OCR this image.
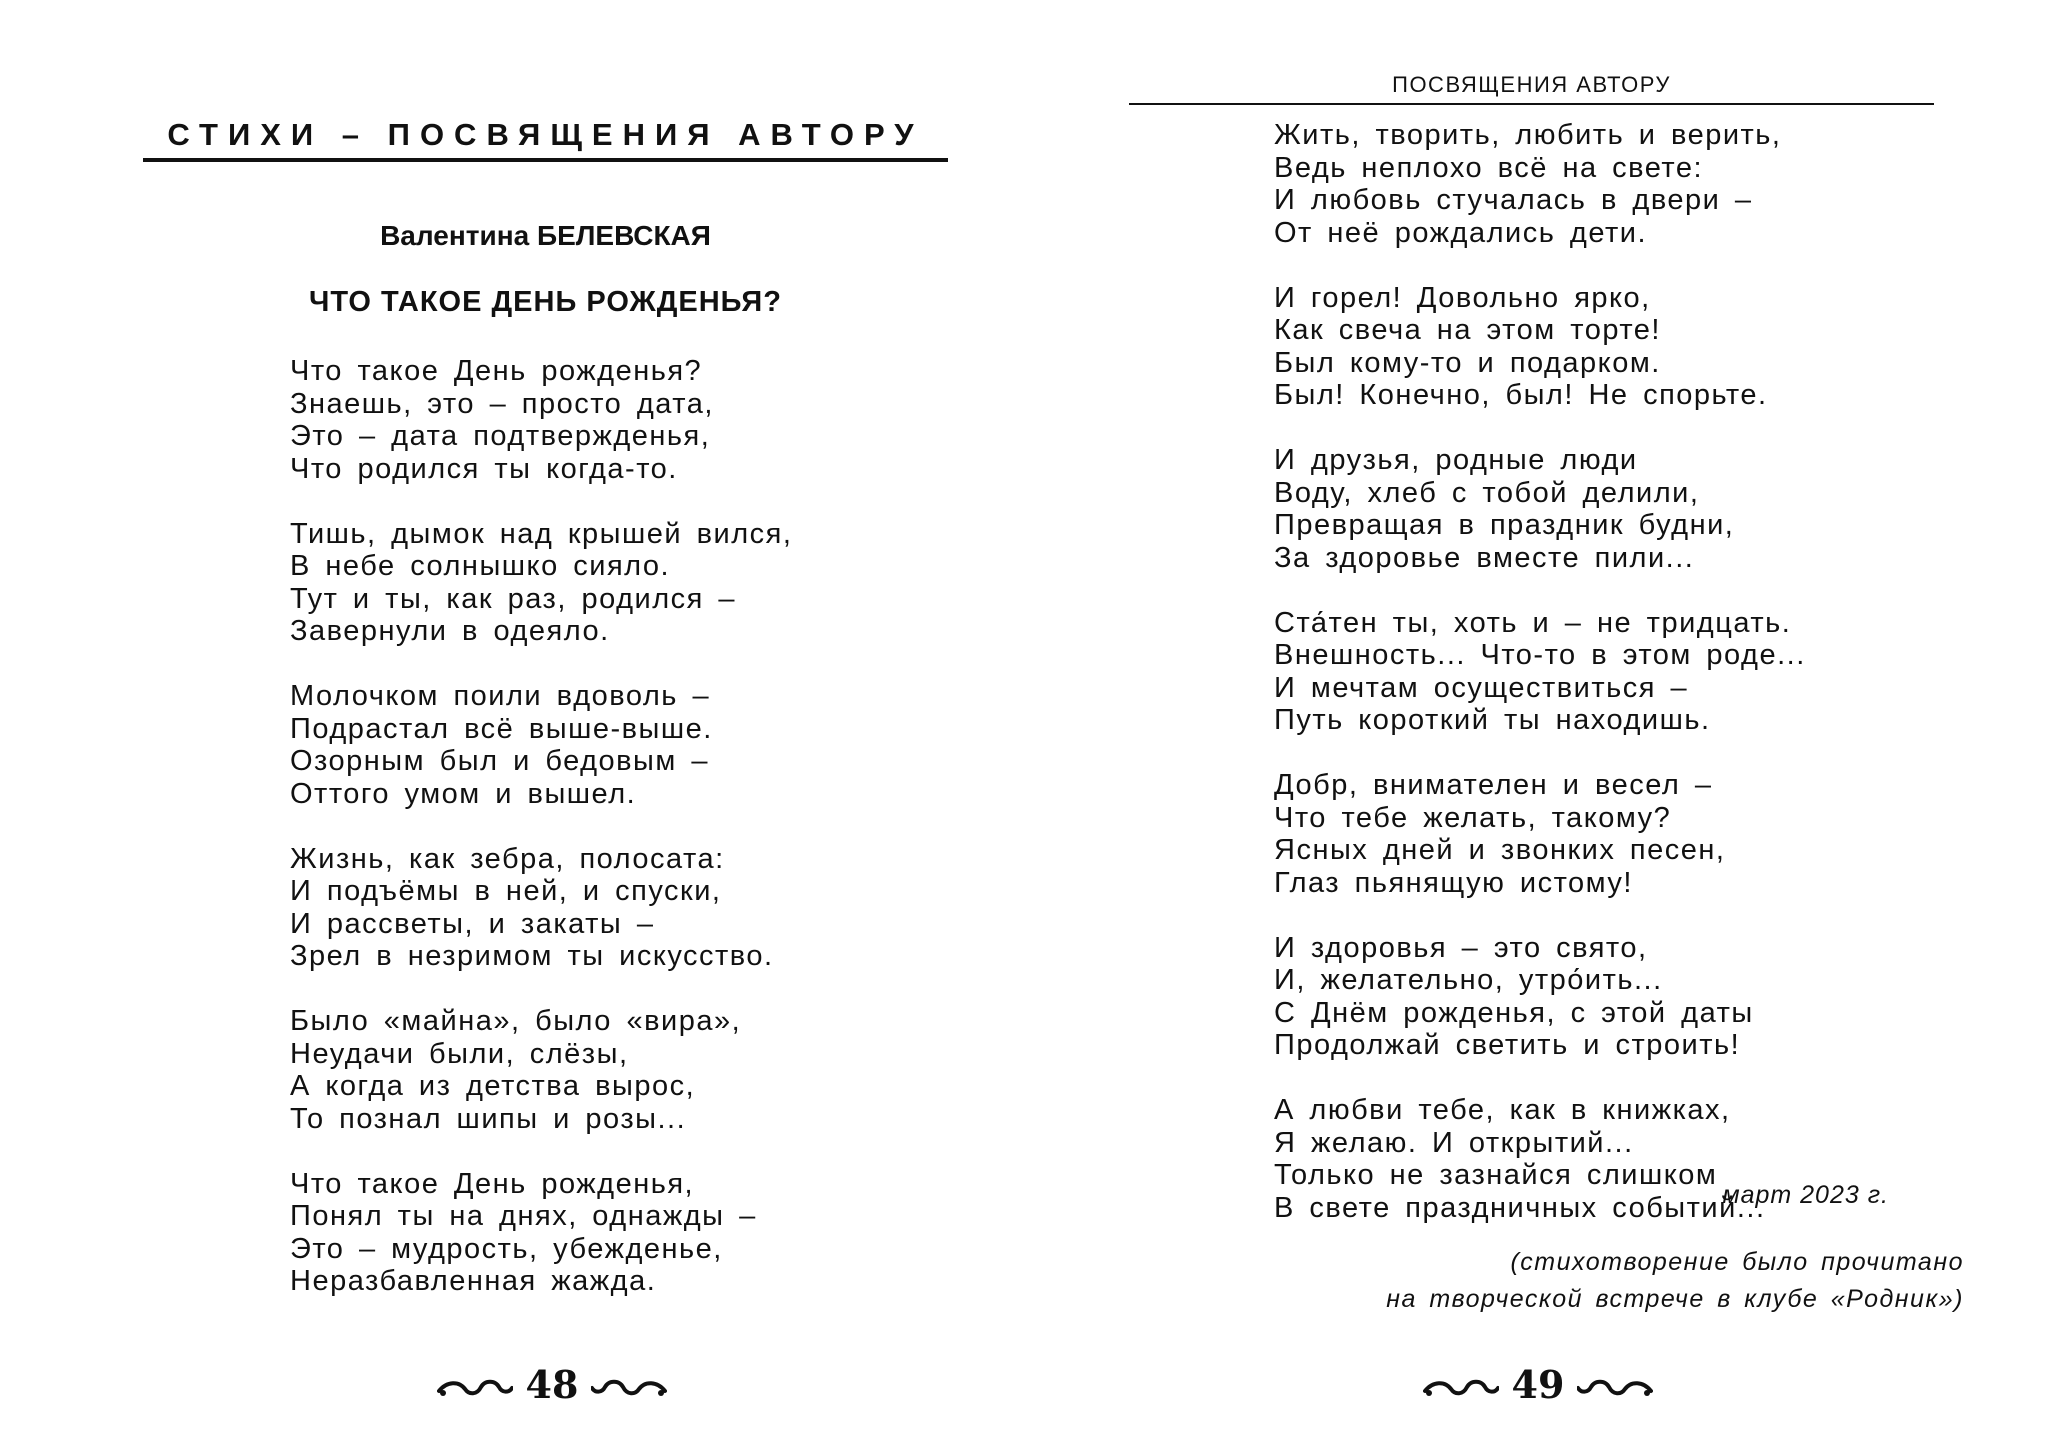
СТИХИ – ПОСВЯЩЕНИЯ АВТОРУ
Валентина БЕЛЕВСКАЯ
ЧТО ТАКОЕ ДЕНЬ РОЖДЕНЬЯ?
Что такое День рожденья?
Знаешь, это – просто дата,
Это – дата подтвержденья,
Что родился ты когда-то.
Тишь, дымок над крышей вился,
В небе солнышко сияло.
Тут и ты, как раз, родился –
Завернули в одеяло.
Молочком поили вдоволь –
Подрастал всё выше-выше.
Озорным был и бедовым –
Оттого умом и вышел.
Жизнь, как зебра, полосата:
И подъёмы в ней, и спуски,
И рассветы, и закаты –
Зрел в незримом ты искусство.
Было «майна», было «вира»,
Неудачи были, слёзы,
А когда из детства вырос,
То познал шипы и розы...
Что такое День рожденья,
Понял ты на днях, однажды –
Это – мудрость, убежденье,
Неразбавленная жажда.
48
ПОСВЯЩЕНИЯ АВТОРУ
Жить, творить, любить и верить,
Ведь неплохо всё на свете:
И любовь стучалась в двери –
От неё рождались дети.
И горел! Довольно ярко,
Как свеча на этом торте!
Был кому-то и подарком.
Был! Конечно, был! Не спорьте.
И друзья, родные люди
Воду, хлеб с тобой делили,
Превращая в праздник будни,
За здоровье вместе пили...
Ста́тен ты, хоть и – не тридцать.
Внешность... Что-то в этом роде...
И мечтам осуществиться –
Путь короткий ты находишь.
Добр, внимателен и весел –
Что тебе желать, такому?
Ясных дней и звонких песен,
Глаз пьянящую истому!
И здоровья – это свято,
И, желательно, утро́ить...
С Днём рожденья, с этой даты
Продолжай светить и строить!
А любви тебе, как в книжках,
Я желаю. И открытий...
Только не зазнайся слишком
В свете праздничных событий...
март 2023 г.
(стихотворение было прочитано
на творческой встрече в клубе «Родник»)
49
